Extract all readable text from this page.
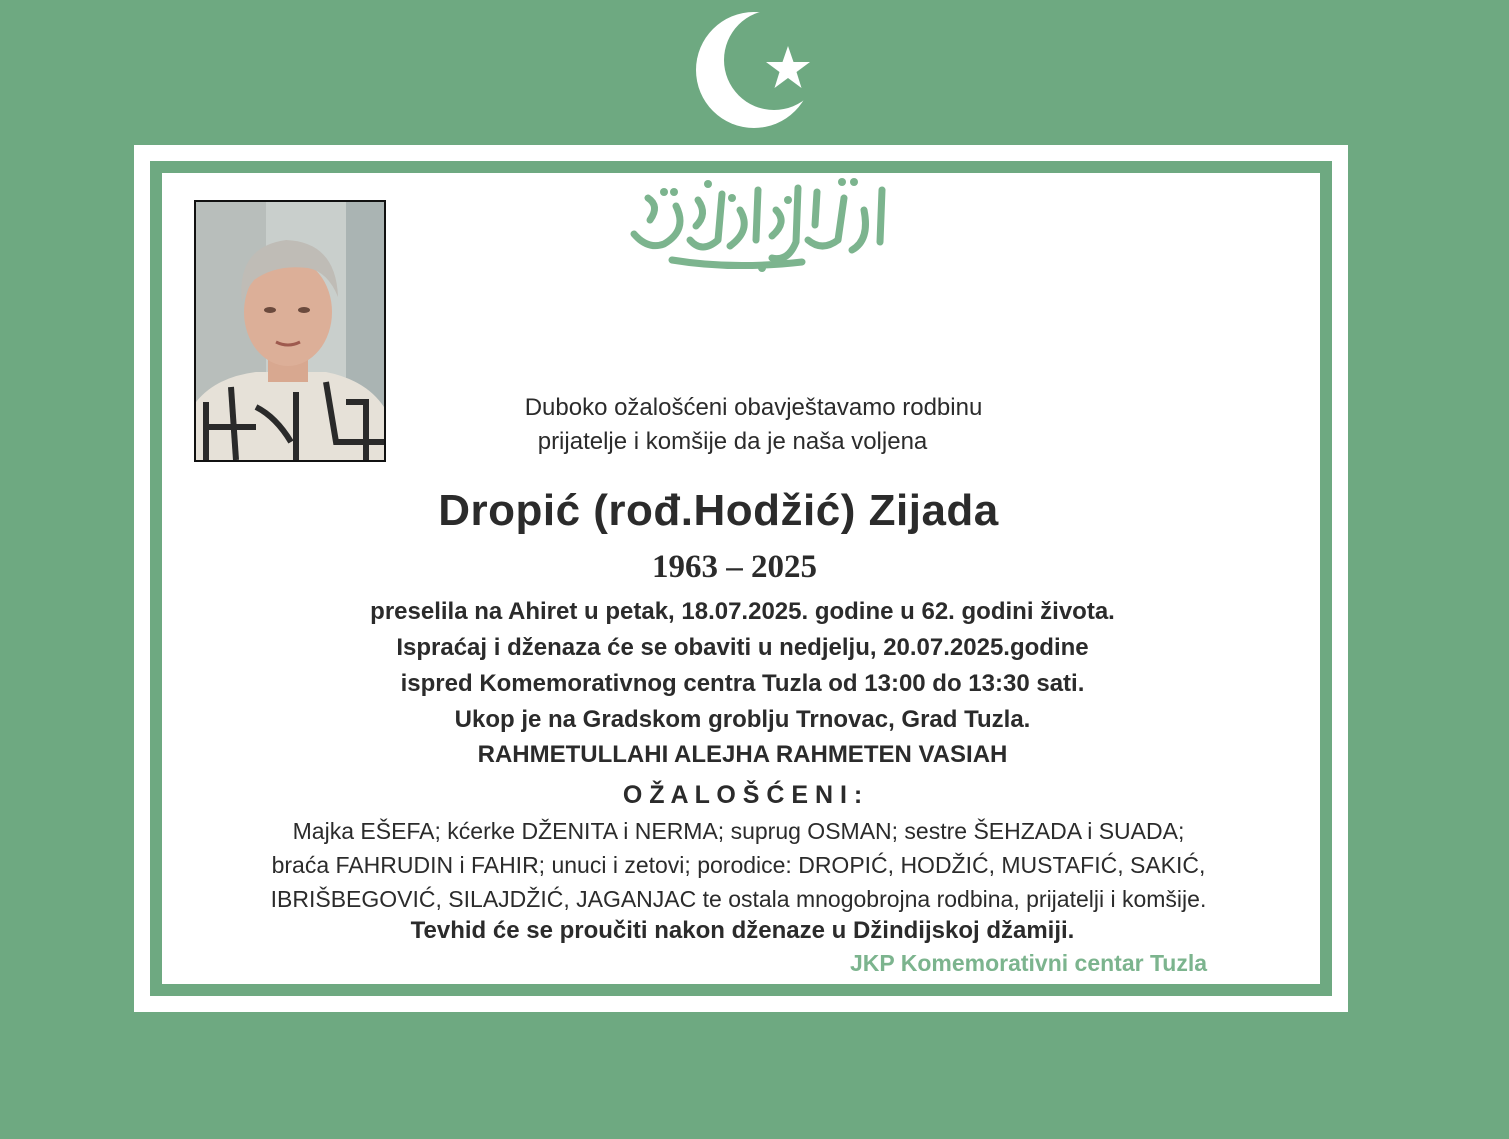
Duboko ožalošćeni obavještavamo rodbinu
prijatelje i komšije da je naša voljena
Dropić (rođ.Hodžić) Zijada
1963 – 2025
preselila na Ahiret u petak, 18.07.2025. godine u 62. godini života.
Ispraćaj i dženaza će se obaviti u nedjelju, 20.07.2025.godine
ispred Komemorativnog centra Tuzla od 13:00 do 13:30 sati.
Ukop je na Gradskom groblju Trnovac, Grad Tuzla.
RAHMETULLAHI ALEJHA RAHMETEN VASIAH
O Ž A L O Š Ć E N I :
Majka EŠEFA; kćerke DŽENITA i NERMA; suprug OSMAN; sestre ŠEHZADA i SUADA;
braća FAHRUDIN i FAHIR; unuci i zetovi; porodice: DROPIĆ, HODŽIĆ, MUSTAFIĆ, SAKIĆ,
IBRIŠBEGOVIĆ, SILAJDŽIĆ, JAGANJAC te ostala mnogobrojna rodbina, prijatelji i komšije.
Tevhid će se proučiti nakon dženaze u Džindijskoj džamiji.
JKP Komemorativni centar Tuzla
